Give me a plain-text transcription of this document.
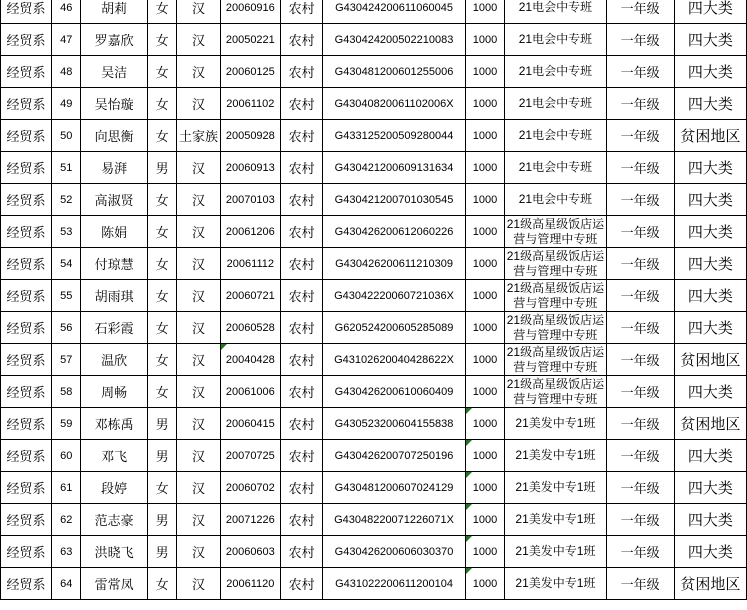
经贸系	46	胡莉	女	汉	20060916	农村	G430424200611060045	1000	21电会中专班	一年级	四大类
经贸系	47	罗嘉欣	女	汉	20050221	农村	G430424200502210083	1000	21电会中专班	一年级	四大类
经贸系	48	吴洁	女	汉	20060125	农村	G430481200601255006	1000	21电会中专班	一年级	四大类
经贸系	49	吴怡璇	女	汉	20061102	农村	G43040820061102006X	1000	21电会中专班	一年级	四大类
经贸系	50	向思衡	女	土家族	20050928	农村	G433125200509280044	1000	21电会中专班	一年级	贫困地区
经贸系	51	易湃	男	汉	20060913	农村	G430421200609131634	1000	21电会中专班	一年级	四大类
经贸系	52	高淑贤	女	汉	20070103	农村	G430421200701030545	1000	21电会中专班	一年级	四大类
经贸系	53	陈娟	女	汉	20061206	农村	G430426200612060226	1000	21级高星级饭店运营与管理中专班	一年级	四大类
经贸系	54	付琼慧	女	汉	20061112	农村	G430426200611210309	1000	21级高星级饭店运营与管理中专班	一年级	四大类
经贸系	55	胡雨琪	女	汉	20060721	农村	G43042220060721036X	1000	21级高星级饭店运营与管理中专班	一年级	四大类
经贸系	56	石彩霞	女	汉	20060528	农村	G620524200605285089	1000	21级高星级饭店运营与管理中专班	一年级	四大类
经贸系	57	温欣	女	汉	20040428	农村	G43102620040428622X	1000	21级高星级饭店运营与管理中专班	一年级	贫困地区
经贸系	58	周畅	女	汉	20061006	农村	G430426200610060409	1000	21级高星级饭店运营与管理中专班	一年级	四大类
经贸系	59	邓栋禹	男	汉	20060415	农村	G430523200604155838	1000	21美发中专1班	一年级	贫困地区
经贸系	60	邓飞	男	汉	20070725	农村	G430426200707250196	1000	21美发中专1班	一年级	四大类
经贸系	61	段婷	女	汉	20060702	农村	G430481200607024129	1000	21美发中专1班	一年级	四大类
经贸系	62	范志豪	男	汉	20071226	农村	G43048220071226071X	1000	21美发中专1班	一年级	四大类
经贸系	63	洪晓飞	男	汉	20060603	农村	G430426200606030370	1000	21美发中专1班	一年级	四大类
经贸系	64	雷常凤	女	汉	20061120	农村	G431022200611200104	1000	21美发中专1班	一年级	贫困地区
